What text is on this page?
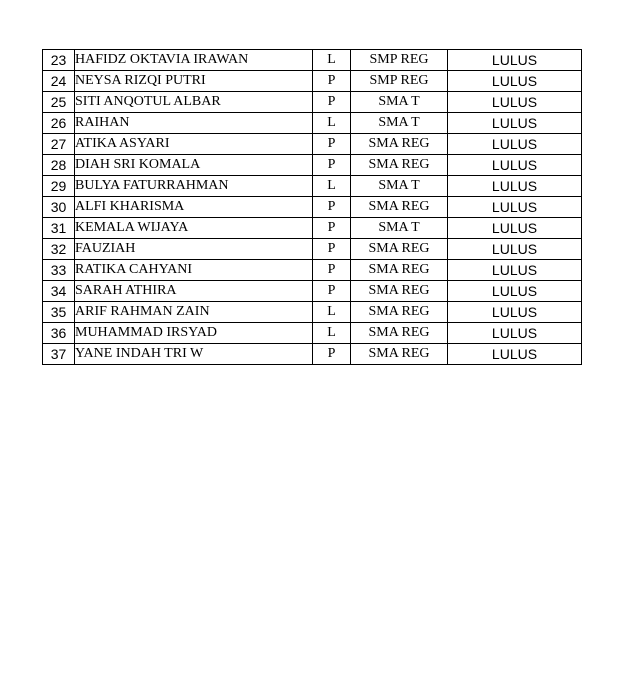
23	HAFIDZ OKTAVIA IRAWAN	L	SMP REG	LULUS
24	NEYSA RIZQI PUTRI	P	SMP REG	LULUS
25	SITI ANQOTUL ALBAR	P	SMA T	LULUS
26	RAIHAN	L	SMA T	LULUS
27	ATIKA ASYARI	P	SMA REG	LULUS
28	DIAH SRI KOMALA	P	SMA REG	LULUS
29	BULYA FATURRAHMAN	L	SMA T	LULUS
30	ALFI KHARISMA	P	SMA REG	LULUS
31	KEMALA WIJAYA	P	SMA T	LULUS
32	FAUZIAH	P	SMA REG	LULUS
33	RATIKA CAHYANI	P	SMA REG	LULUS
34	SARAH ATHIRA	P	SMA REG	LULUS
35	ARIF RAHMAN ZAIN	L	SMA REG	LULUS
36	MUHAMMAD IRSYAD	L	SMA REG	LULUS
37	YANE INDAH TRI W	P	SMA REG	LULUS
